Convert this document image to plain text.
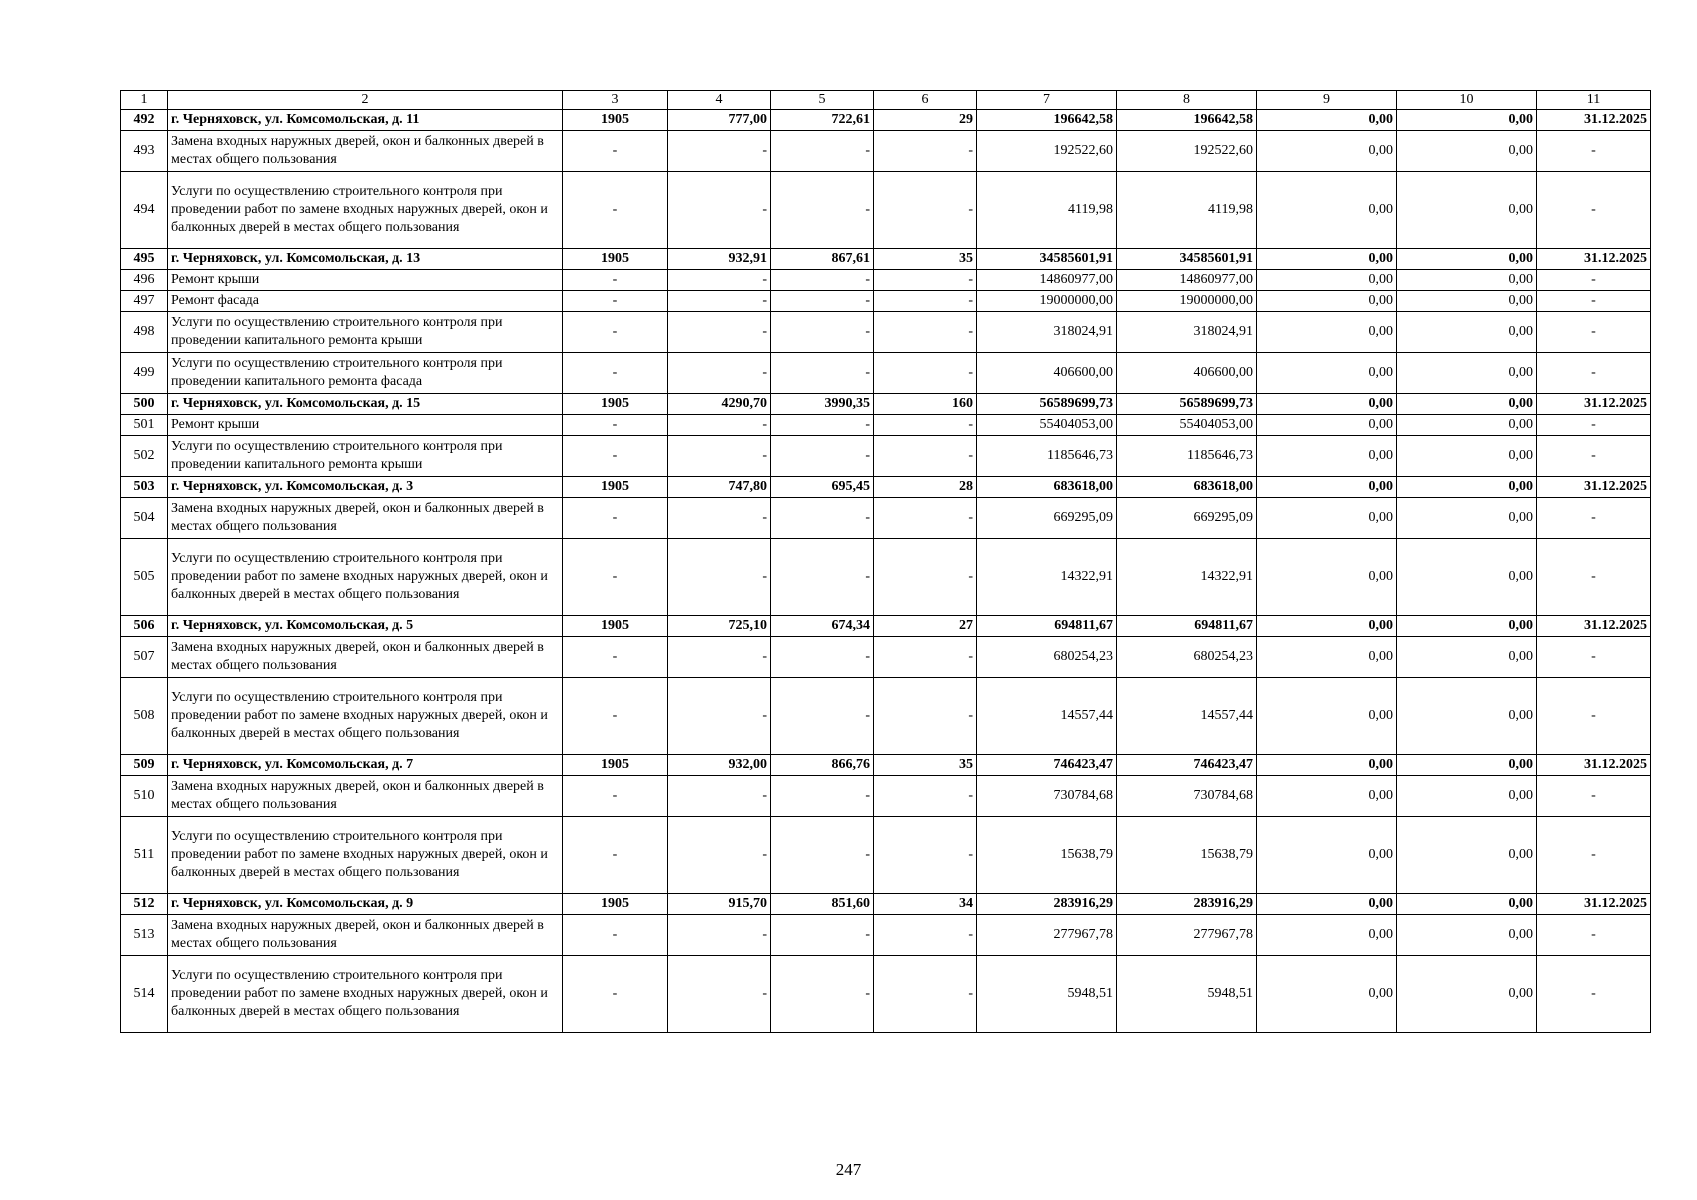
1	2	3	4	5	6	7	8	9	10	11
492	г. Черняховск, ул. Комсомольская, д. 11	1905	777,00	722,61	29	196642,58	196642,58	0,00	0,00	31.12.2025
493	Замена входных наружных дверей, окон и балконных дверей в местах общего пользования	-	-	-	-	192522,60	192522,60	0,00	0,00	-
494	Услуги по осуществлению строительного контроля при проведении работ по замене входных наружных дверей, окон и балконных дверей в местах общего пользования	-	-	-	-	4119,98	4119,98	0,00	0,00	-
495	г. Черняховск, ул. Комсомольская, д. 13	1905	932,91	867,61	35	34585601,91	34585601,91	0,00	0,00	31.12.2025
496	Ремонт крыши	-	-	-	-	14860977,00	14860977,00	0,00	0,00	-
497	Ремонт фасада	-	-	-	-	19000000,00	19000000,00	0,00	0,00	-
498	Услуги по осуществлению строительного контроля при проведении капитального ремонта крыши	-	-	-	-	318024,91	318024,91	0,00	0,00	-
499	Услуги по осуществлению строительного контроля при проведении капитального ремонта фасада	-	-	-	-	406600,00	406600,00	0,00	0,00	-
500	г. Черняховск, ул. Комсомольская, д. 15	1905	4290,70	3990,35	160	56589699,73	56589699,73	0,00	0,00	31.12.2025
501	Ремонт крыши	-	-	-	-	55404053,00	55404053,00	0,00	0,00	-
502	Услуги по осуществлению строительного контроля при проведении капитального ремонта крыши	-	-	-	-	1185646,73	1185646,73	0,00	0,00	-
503	г. Черняховск, ул. Комсомольская, д. 3	1905	747,80	695,45	28	683618,00	683618,00	0,00	0,00	31.12.2025
504	Замена входных наружных дверей, окон и балконных дверей в местах общего пользования	-	-	-	-	669295,09	669295,09	0,00	0,00	-
505	Услуги по осуществлению строительного контроля при проведении работ по замене входных наружных дверей, окон и балконных дверей в местах общего пользования	-	-	-	-	14322,91	14322,91	0,00	0,00	-
506	г. Черняховск, ул. Комсомольская, д. 5	1905	725,10	674,34	27	694811,67	694811,67	0,00	0,00	31.12.2025
507	Замена входных наружных дверей, окон и балконных дверей в местах общего пользования	-	-	-	-	680254,23	680254,23	0,00	0,00	-
508	Услуги по осуществлению строительного контроля при проведении работ по замене входных наружных дверей, окон и балконных дверей в местах общего пользования	-	-	-	-	14557,44	14557,44	0,00	0,00	-
509	г. Черняховск, ул. Комсомольская, д. 7	1905	932,00	866,76	35	746423,47	746423,47	0,00	0,00	31.12.2025
510	Замена входных наружных дверей, окон и балконных дверей в местах общего пользования	-	-	-	-	730784,68	730784,68	0,00	0,00	-
511	Услуги по осуществлению строительного контроля при проведении работ по замене входных наружных дверей, окон и балконных дверей в местах общего пользования	-	-	-	-	15638,79	15638,79	0,00	0,00	-
512	г. Черняховск, ул. Комсомольская, д. 9	1905	915,70	851,60	34	283916,29	283916,29	0,00	0,00	31.12.2025
513	Замена входных наружных дверей, окон и балконных дверей в местах общего пользования	-	-	-	-	277967,78	277967,78	0,00	0,00	-
514	Услуги по осуществлению строительного контроля при проведении работ по замене входных наружных дверей, окон и балконных дверей в местах общего пользования	-	-	-	-	5948,51	5948,51	0,00	0,00	-
247
